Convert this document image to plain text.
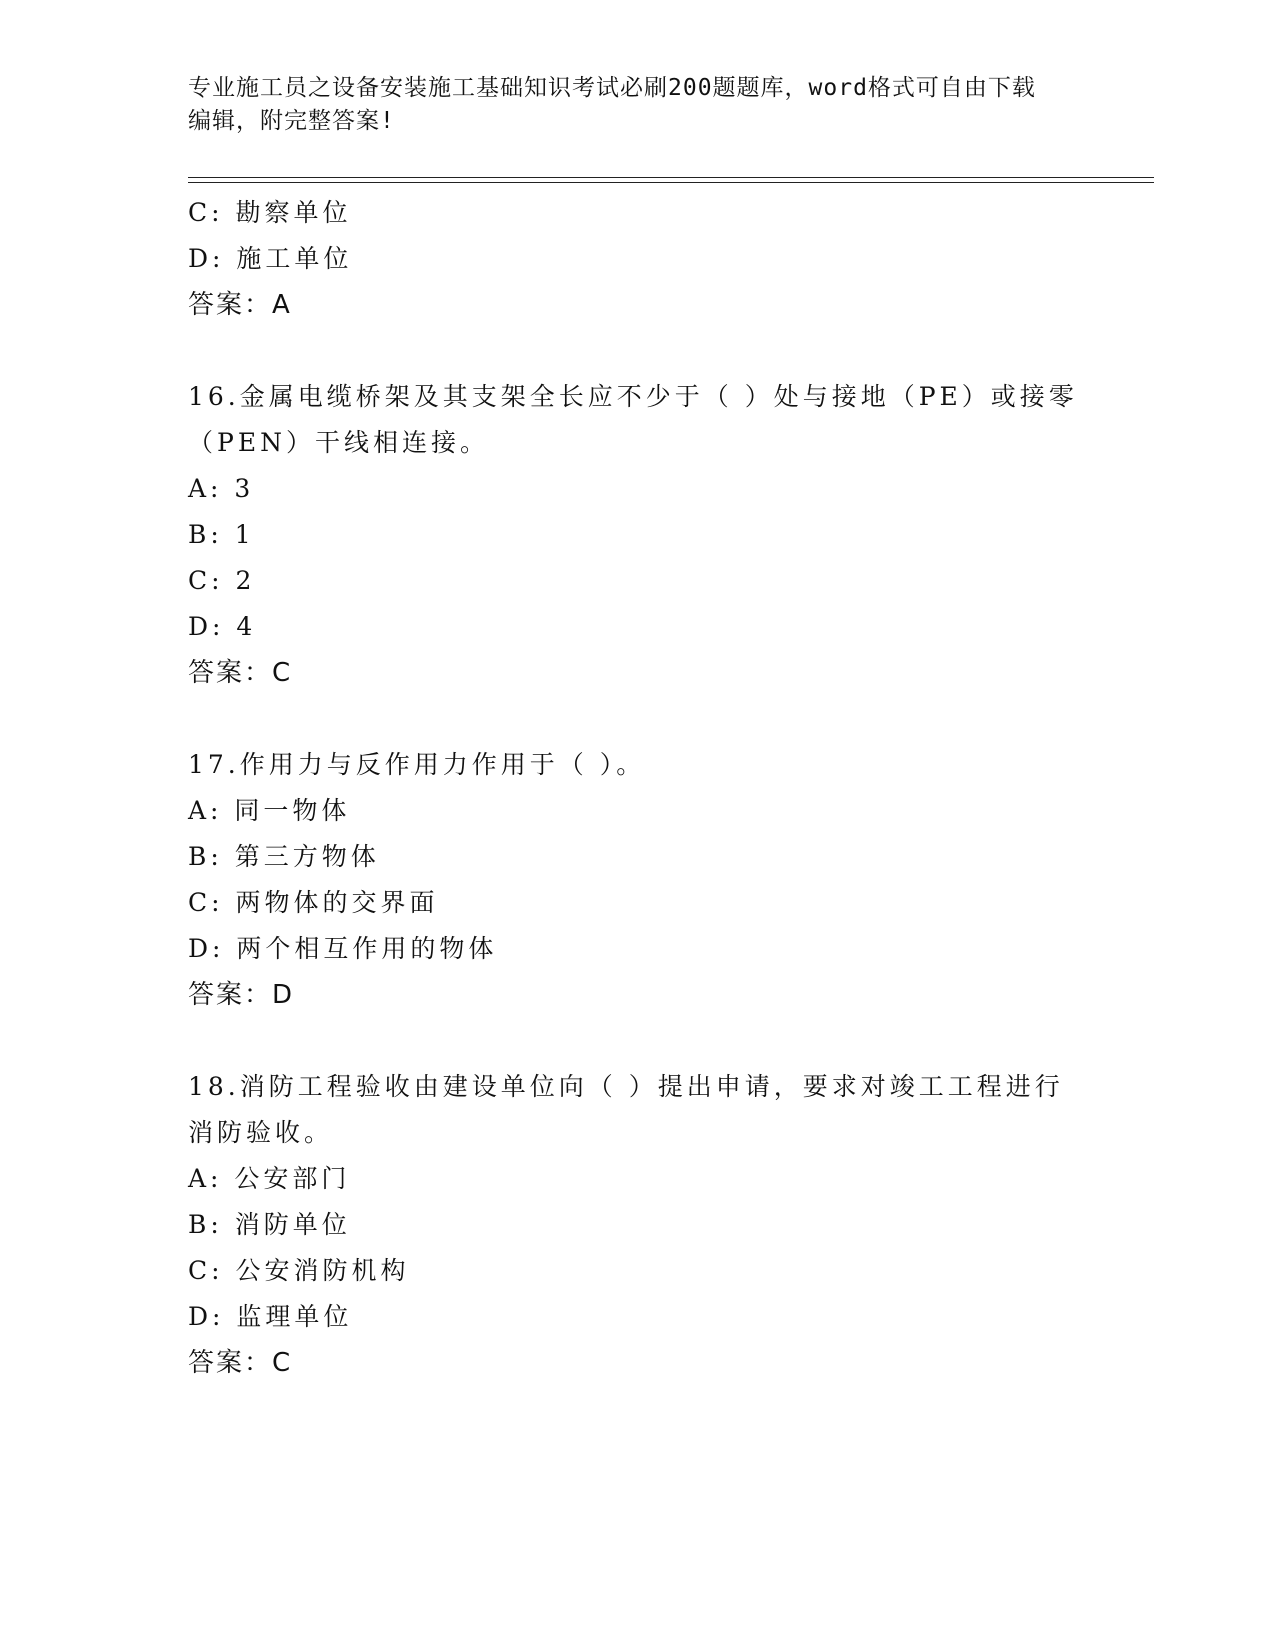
专业施工员之设备安装施工基础知识考试必刷200题题库，word格式可自由下载
编辑，附完整答案!
C: 勘察单位
D: 施工单位
答案：A
16.金属电缆桥架及其支架全长应不少于（ ）处与接地（PE）或接零
（PEN）干线相连接。
A: 3
B: 1
C: 2
D: 4
答案：C
17.作用力与反作用力作用于（ ）。
A: 同一物体
B: 第三方物体
C: 两物体的交界面
D: 两个相互作用的物体
答案：D
18.消防工程验收由建设单位向（ ）提出申请，要求对竣工工程进行
消防验收。
A: 公安部门
B: 消防单位
C: 公安消防机构
D: 监理单位
答案：C
